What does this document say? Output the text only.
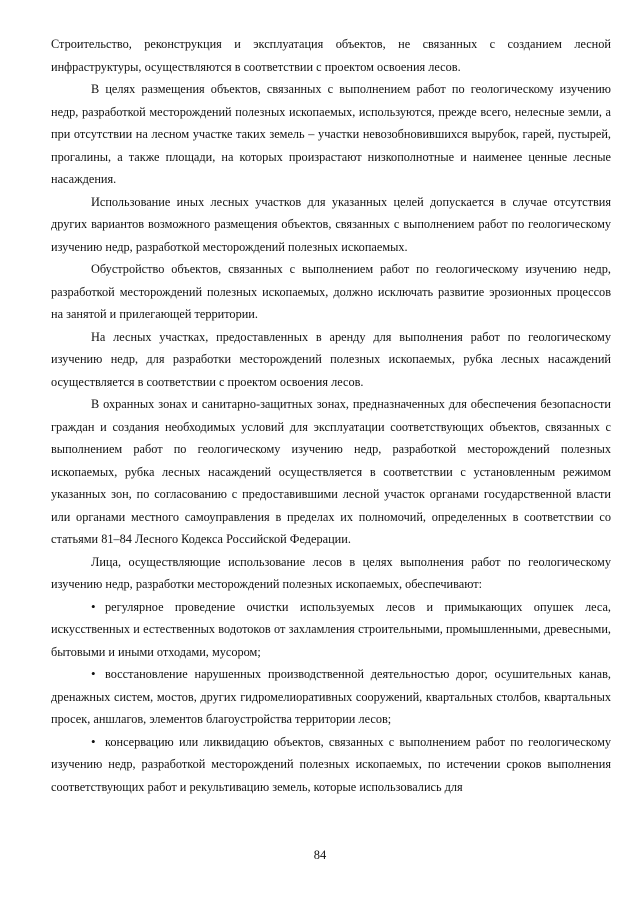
Строительство, реконструкция и эксплуатация объектов, не связанных с созданием лесной инфраструктуры, осуществляются в соответствии с проектом освоения лесов.

В целях размещения объектов, связанных с выполнением работ по геологическому изучению недр, разработкой месторождений полезных ископаемых, используются, прежде всего, нелесные земли, а при отсутствии на лесном участке таких земель – участки невозобновившихся вырубок, гарей, пустырей, прогалины, а также площади, на которых произрастают низкополнотные и наименее ценные лесные насаждения.

Использование иных лесных участков для указанных целей допускается в случае отсутствия других вариантов возможного размещения объектов, связанных с выполнением работ по геологическому изучению недр, разработкой месторождений полезных ископаемых.

Обустройство объектов, связанных с выполнением работ по геологическому изучению недр, разработкой месторождений полезных ископаемых, должно исключать развитие эрозионных процессов на занятой и прилегающей территории.

На лесных участках, предоставленных в аренду для выполнения работ по геологическому изучению недр, для разработки месторождений полезных ископаемых, рубка лесных насаждений осуществляется в соответствии с проектом освоения лесов.

В охранных зонах и санитарно-защитных зонах, предназначенных для обеспечения безопасности граждан и создания необходимых условий для эксплуатации соответствующих объектов, связанных с выполнением работ по геологическому изучению недр, разработкой месторождений полезных ископаемых, рубка лесных насаждений осуществляется в соответствии с установленным режимом указанных зон, по согласованию с предоставившими лесной участок органами государственной власти или органами местного самоуправления в пределах их полномочий, определенных в соответствии со статьями 81–84 Лесного Кодекса Российской Федерации.

Лица, осуществляющие использование лесов в целях выполнения работ по геологическому изучению недр, разработки месторождений полезных ископаемых, обеспечивают:

• регулярное проведение очистки используемых лесов и примыкающих опушек леса, искусственных и естественных водотоков от захламления строительными, промышленными, древесными, бытовыми и иными отходами, мусором;

• восстановление нарушенных производственной деятельностью дорог, осушительных канав, дренажных систем, мостов, других гидромелиоративных сооружений, квартальных столбов, квартальных просек, аншлагов, элементов благоустройства территории лесов;

• консервацию или ликвидацию объектов, связанных с выполнением работ по геологическому изучению недр, разработкой месторождений полезных ископаемых, по истечении сроков выполнения соответствующих работ и рекультивацию земель, которые использовались для

84
